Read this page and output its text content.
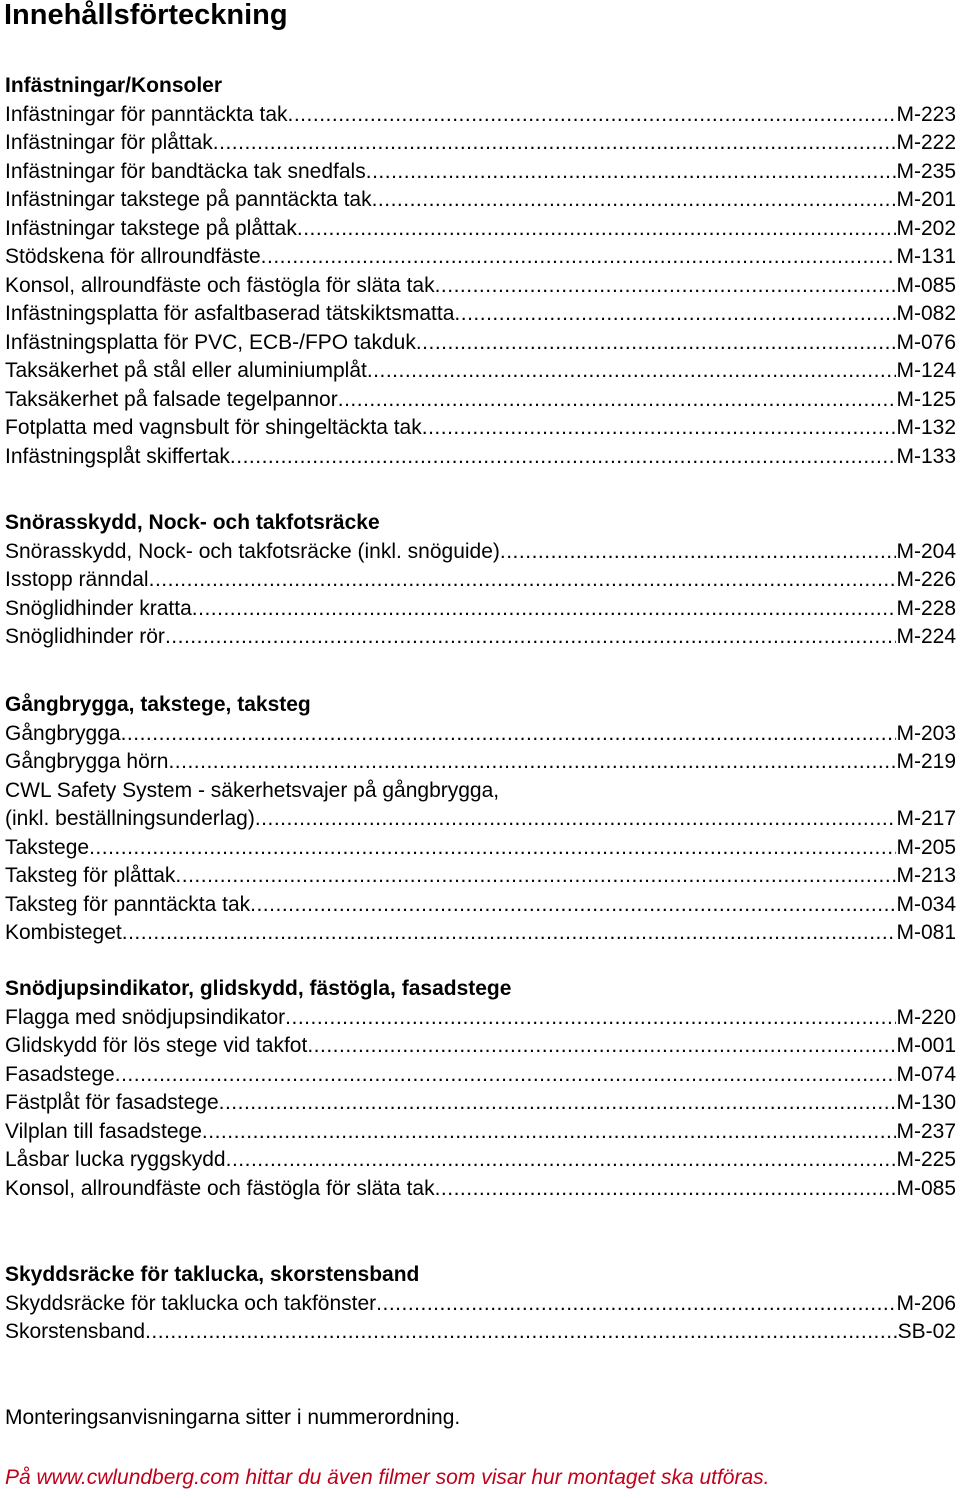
Innehållsförteckning
Infästningar/Konsoler
Infästningar för panntäckta tak .....	M-223
Infästningar för plåttak .....	M-222
Infästningar för bandtäcka tak snedfals .....	M-235
Infästningar takstege på panntäckta tak .....	M-201
Infästningar takstege på plåttak .....	M-202
Stödskena för allroundfäste .....	M-131
Konsol, allroundfäste och fästögla för släta tak .....	M-085
Infästningsplatta för asfaltbaserad tätskiktsmatta .....	M-082
Infästningsplatta för PVC, ECB-/FPO takduk .....	M-076
Taksäkerhet på stål eller aluminiumplåt .....	M-124
Taksäkerhet på falsade tegelpannor .....	M-125
Fotplatta med vagnsbult för shingeltäckta tak .....	M-132
Infästningsplåt skiffertak .....	M-133
Snörasskydd, Nock- och takfotsräcke
Snörasskydd, Nock- och takfotsräcke (inkl. snöguide) .....	M-204
Isstopp ränndal .....	M-226
Snöglidhinder kratta .....	M-228
Snöglidhinder rör .....	M-224
Gångbrygga, takstege, taksteg
Gångbrygga .....	M-203
Gångbrygga hörn .....	M-219
CWL Safety System - säkerhetsvajer på gångbrygga,
(inkl. beställningsunderlag) .....	M-217
Takstege .....	M-205
Taksteg för plåttak .....	M-213
Taksteg för panntäckta tak .....	M-034
Kombisteget .....	M-081
Snödjupsindikator, glidskydd, fästögla, fasadstege
Flagga med snödjupsindikator .....	M-220
Glidskydd för lös stege vid takfot .....	M-001
Fasadstege .....	M-074
Fästplåt för fasadstege .....	M-130
Vilplan till fasadstege .....	M-237
Låsbar lucka ryggskydd .....	M-225
Konsol, allroundfäste och fästögla för släta tak .....	M-085
Skyddsräcke för taklucka, skorstensband
Skyddsräcke för taklucka och takfönster .....	M-206
Skorstensband .....	SB-02
Monteringsanvisningarna sitter i nummerordning.
På www.cwlundberg.com hittar du även filmer som visar hur montaget ska utföras.
